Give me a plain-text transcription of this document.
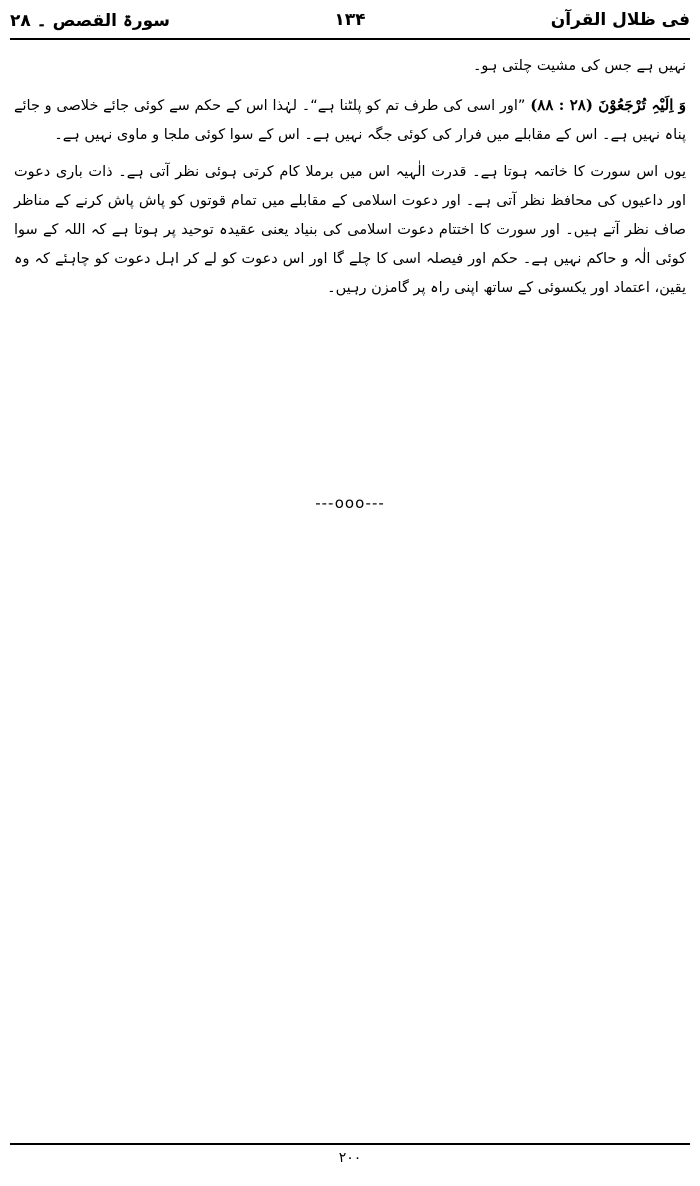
فی ظلال القرآن
۱۳۴
سورۃ القصص ۔ ۲۸

نہیں ہے جس کی مشیت چلتی ہو۔

وَ اِلَیْہِ تُرْجَعُوْنَ (۲۸ : ۸۸) ”اور اسی کی طرف تم کو پلٹنا ہے“۔ لہٰذا اس کے حکم سے کوئی جائے خلاصی و جائے پناہ نہیں ہے۔ اس کے مقابلے میں فرار کی کوئی جگہ نہیں ہے۔ اس کے سوا کوئی ملجا و ماوی نہیں ہے۔

یوں اس سورت کا خاتمہ ہوتا ہے۔ قدرت الٰہیہ اس میں برملا کام کرتی ہوئی نظر آتی ہے۔ ذات باری دعوت اور داعیوں کی محافظ نظر آتی ہے۔ اور دعوت اسلامی کے مقابلے میں تمام قوتوں کو پاش پاش کرنے کے مناظر صاف نظر آتے ہیں۔ اور سورت کا اختتام دعوت اسلامی کی بنیاد یعنی عقیدہ توحید پر ہوتا ہے کہ اللہ کے سوا کوئی الٰہ و حاکم نہیں ہے۔ حکم اور فیصلہ اسی کا چلے گا اور اس دعوت کو لے کر اہل دعوت کو چاہئے کہ وہ یقین، اعتماد اور یکسوئی کے ساتھ اپنی راہ پر گامزن رہیں۔

---ooo---
۲۰۰
